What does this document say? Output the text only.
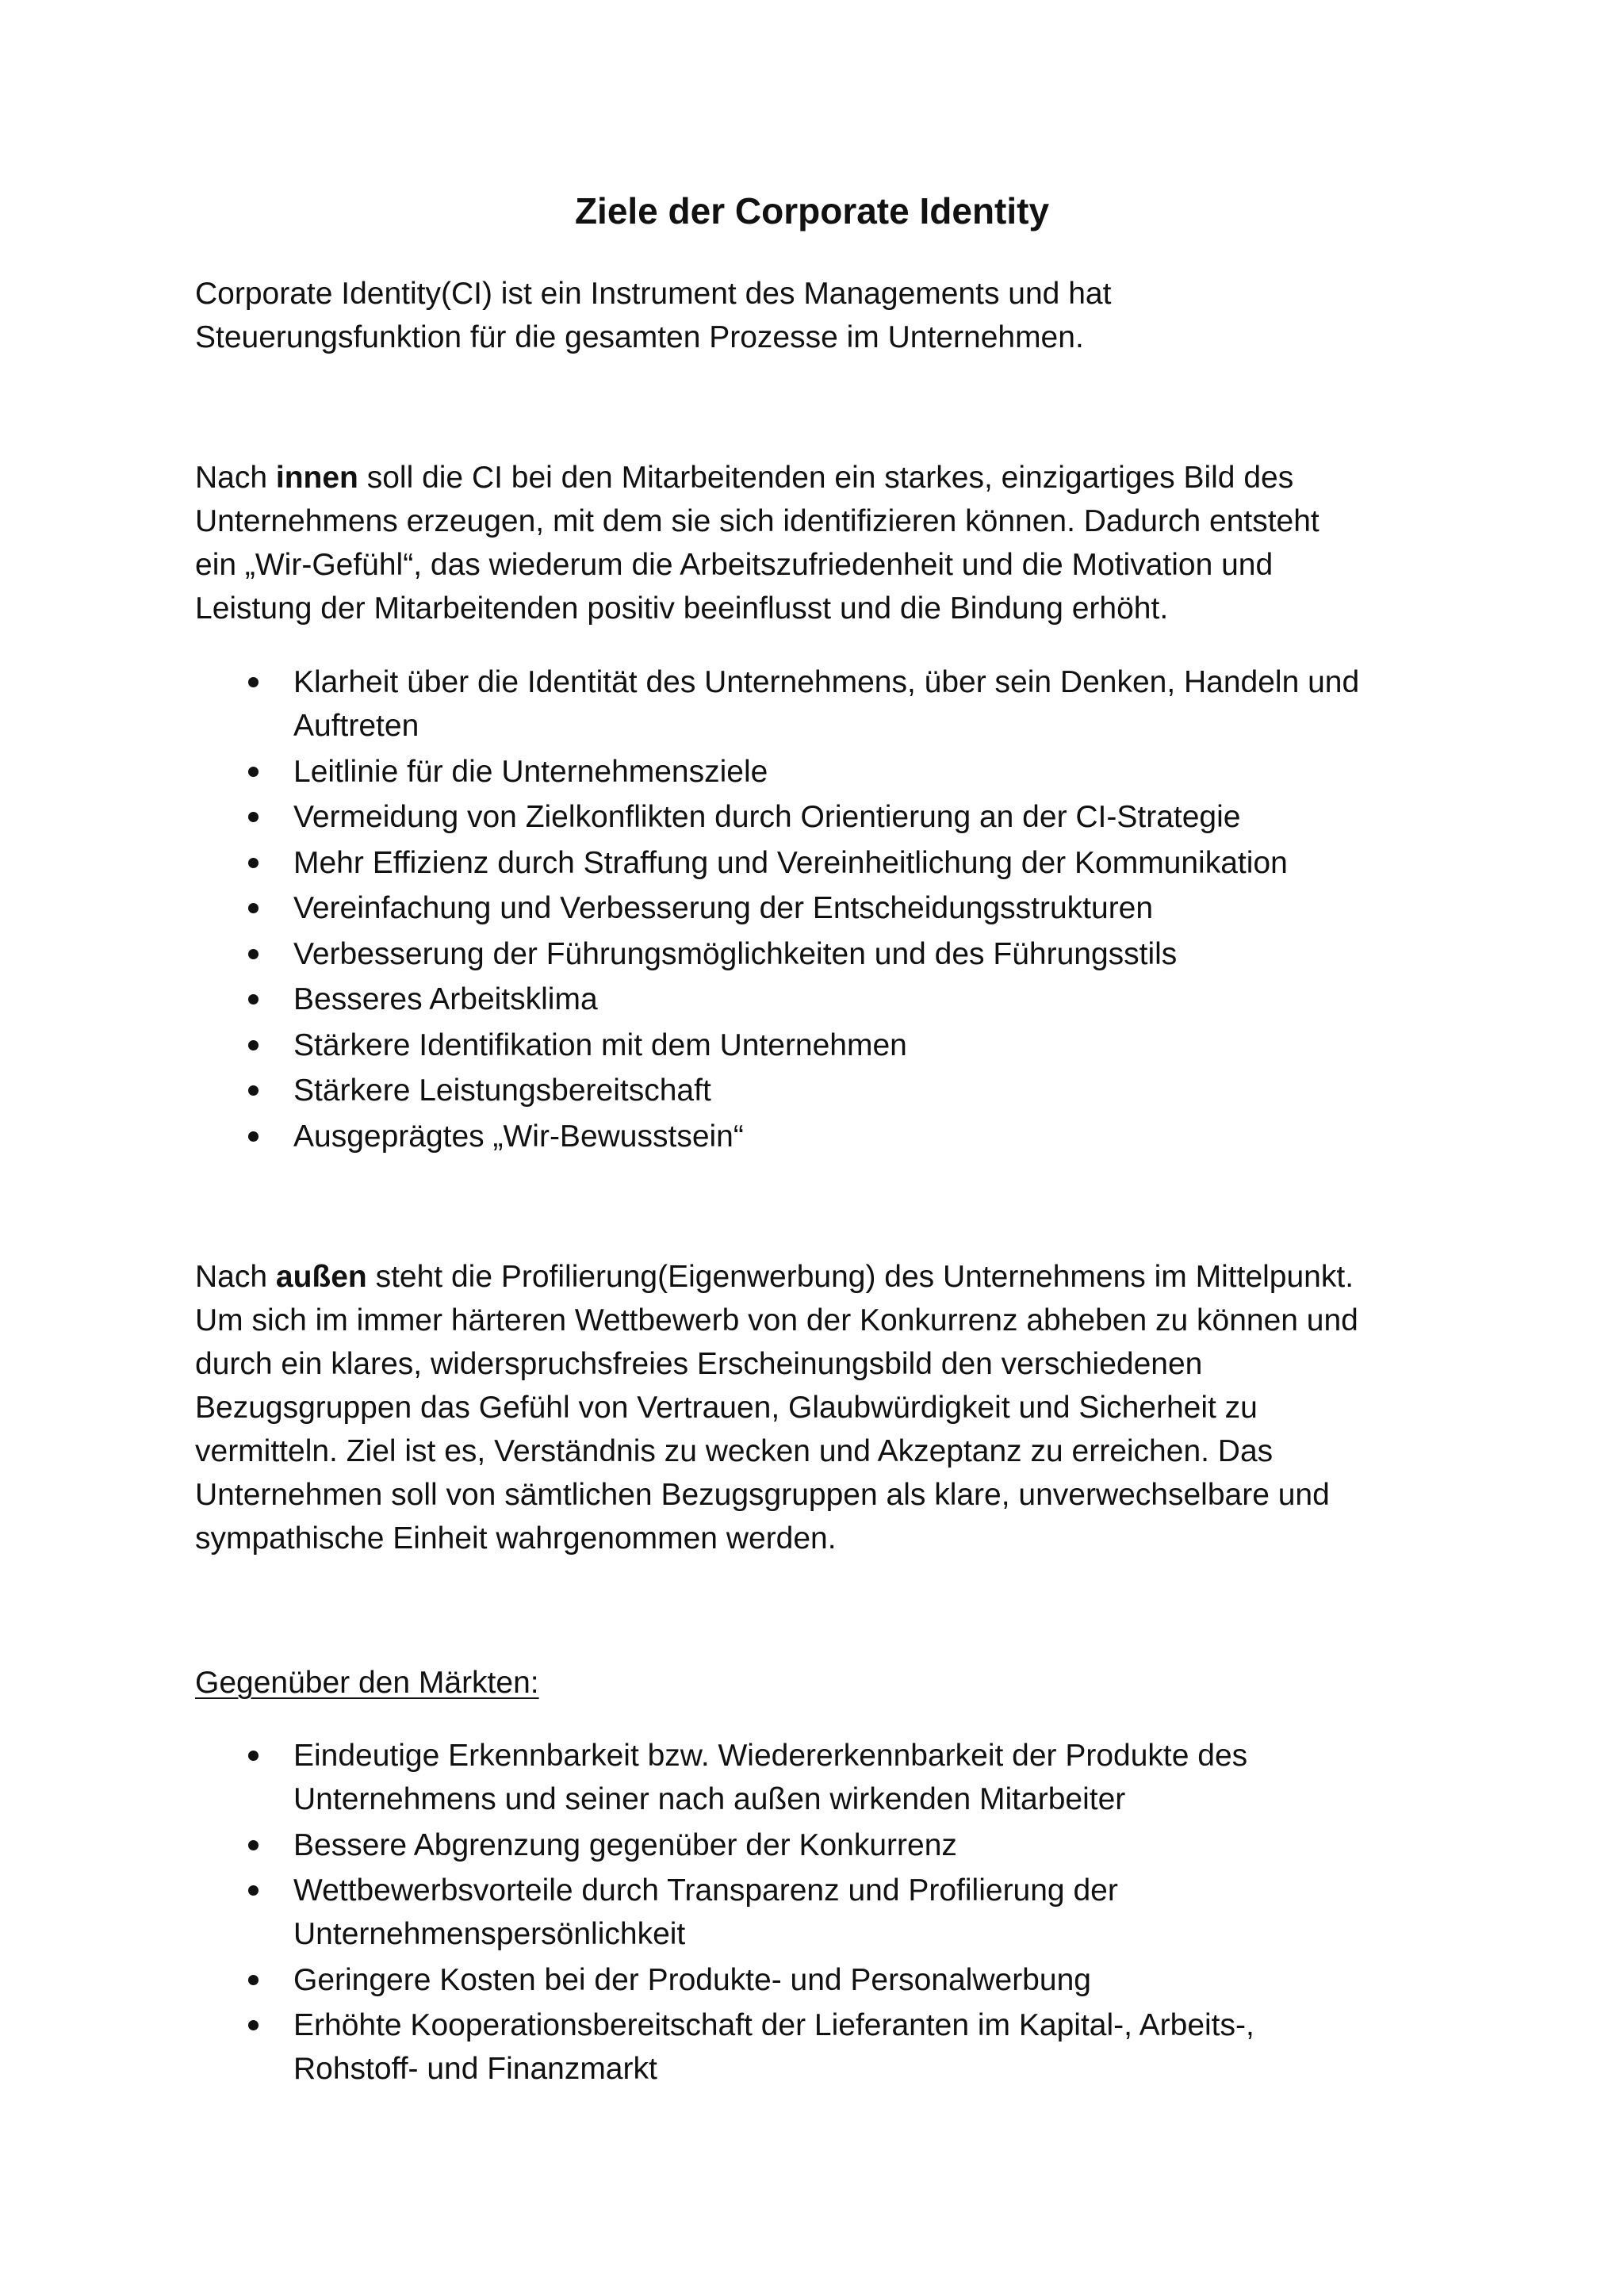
Ziele der Corporate Identity

Corporate Identity(CI) ist ein Instrument des Managements und hat
Steuerungsfunktion für die gesamten Prozesse im Unternehmen.

Nach innen soll die CI bei den Mitarbeitenden ein starkes, einzigartiges Bild des
Unternehmens erzeugen, mit dem sie sich identifizieren können. Dadurch entsteht
ein „Wir-Gefühl“, das wiederum die Arbeitszufriedenheit und die Motivation und
Leistung der Mitarbeitenden positiv beeinflusst und die Bindung erhöht.

Klarheit über die Identität des Unternehmens, über sein Denken, Handeln und
Auftreten
Leitlinie für die Unternehmensziele
Vermeidung von Zielkonflikten durch Orientierung an der CI-Strategie
Mehr Effizienz durch Straffung und Vereinheitlichung der Kommunikation
Vereinfachung und Verbesserung der Entscheidungsstrukturen
Verbesserung der Führungsmöglichkeiten und des Führungsstils
Besseres Arbeitsklima
Stärkere Identifikation mit dem Unternehmen
Stärkere Leistungsbereitschaft
Ausgeprägtes „Wir-Bewusstsein“

Nach außen steht die Profilierung(Eigenwerbung) des Unternehmens im Mittelpunkt.
Um sich im immer härteren Wettbewerb von der Konkurrenz abheben zu können und
durch ein klares, widerspruchsfreies Erscheinungsbild den verschiedenen
Bezugsgruppen das Gefühl von Vertrauen, Glaubwürdigkeit und Sicherheit zu
vermitteln. Ziel ist es, Verständnis zu wecken und Akzeptanz zu erreichen. Das
Unternehmen soll von sämtlichen Bezugsgruppen als klare, unverwechselbare und
sympathische Einheit wahrgenommen werden.

Gegenüber den Märkten:

Eindeutige Erkennbarkeit bzw. Wiedererkennbarkeit der Produkte des
Unternehmens und seiner nach außen wirkenden Mitarbeiter
Bessere Abgrenzung gegenüber der Konkurrenz
Wettbewerbsvorteile durch Transparenz und Profilierung der
Unternehmenspersönlichkeit
Geringere Kosten bei der Produkte- und Personalwerbung
Erhöhte Kooperationsbereitschaft der Lieferanten im Kapital-, Arbeits-,
Rohstoff- und Finanzmarkt
